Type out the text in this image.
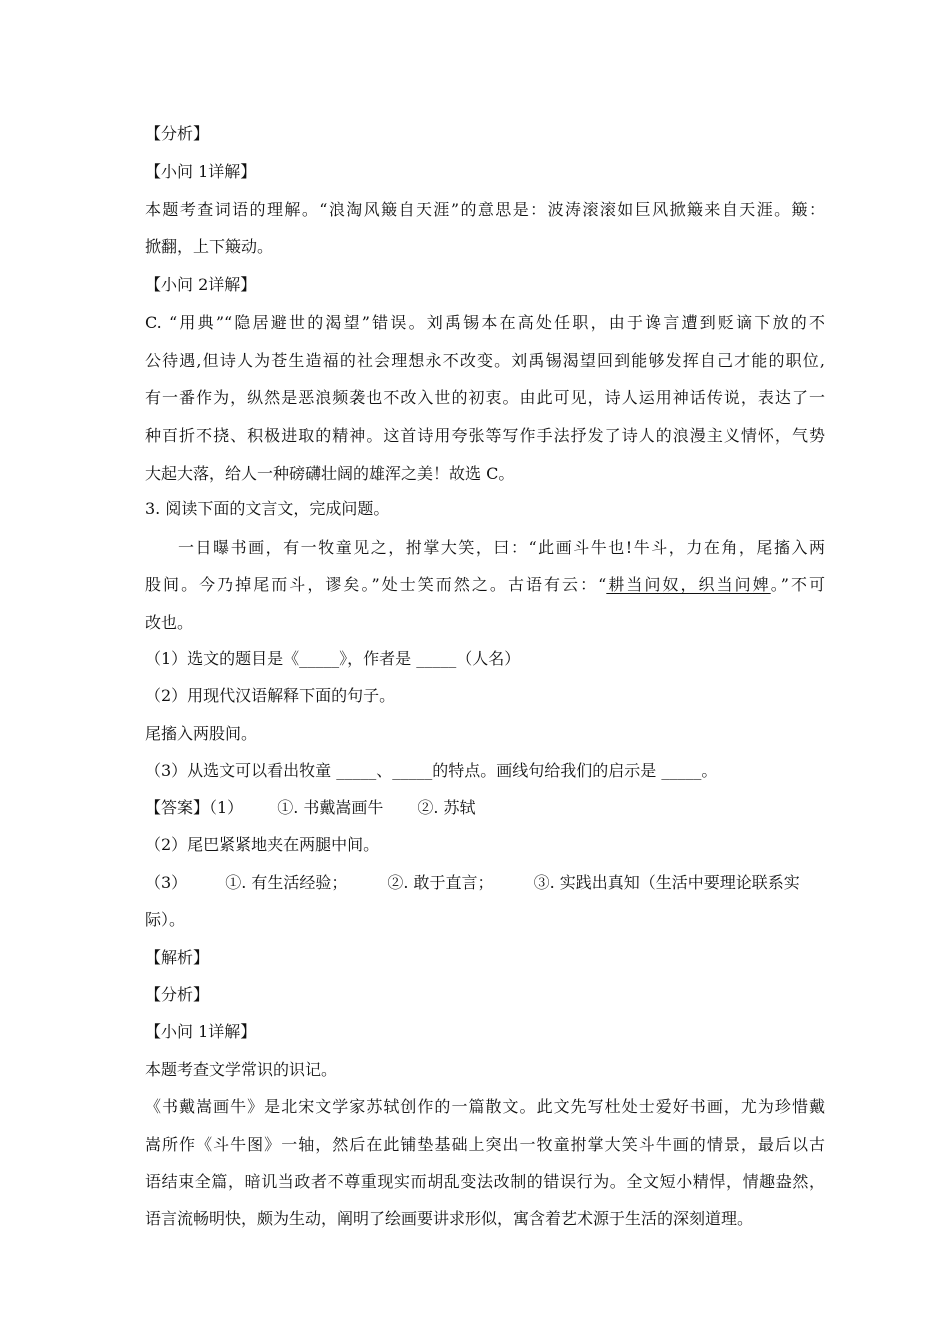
【分析】
【小问 1详解】
本题考查词语的理解。“浪淘风簸自天涯”的意思是：波涛滚滚如巨风掀簸来自天涯。簸：
掀翻，上下簸动。
【小问 2详解】
C. “用典”“隐居避世的渴望”错误。刘禹锡本在高处任职，由于谗言遭到贬谪下放的不
公待遇,但诗人为苍生造福的社会理想永不改变。刘禹锡渴望回到能够发挥自己才能的职位,
有一番作为，纵然是恶浪频袭也不改入世的初衷。由此可见，诗人运用神话传说，表达了一
种百折不挠、积极进取的精神。这首诗用夸张等写作手法抒发了诗人的浪漫主义情怀，气势
大起大落，给人一种磅礴壮阔的雄浑之美！故选 C。
3. 阅读下面的文言文，完成问题。
一日曝书画，有一牧童见之，拊掌大笑，曰：“此画斗牛也!牛斗，力在角，尾搐入两
股间。今乃掉尾而斗，谬矣。”处士笑而然之。古语有云：“耕当问奴，织当问婢。”不可
改也。
（1）选文的题目是《_____》，作者是 _____（人名）
（2）用现代汉语解释下面的句子。
尾搐入两股间。
（3）从选文可以看出牧童 _____、_____的特点。画线句给我们的启示是 _____。
【答案】（1） ①. 书戴嵩画牛 ②. 苏轼
（2）尾巴紧紧地夹在两腿中间。
（3） ①. 有生活经验；	②. 敢于直言；	③. 实践出真知（生活中要理论联系实
际）。
【解析】
【分析】
【小问 1详解】
本题考查文学常识的识记。
《书戴嵩画牛》是北宋文学家苏轼创作的一篇散文。此文先写杜处士爱好书画，尤为珍惜戴
嵩所作《斗牛图》一轴，然后在此铺垫基础上突出一牧童拊掌大笑斗牛画的情景，最后以古
语结束全篇，暗讥当政者不尊重现实而胡乱变法改制的错误行为。全文短小精悍，情趣盎然，
语言流畅明快，颇为生动，阐明了绘画要讲求形似，寓含着艺术源于生活的深刻道理。
